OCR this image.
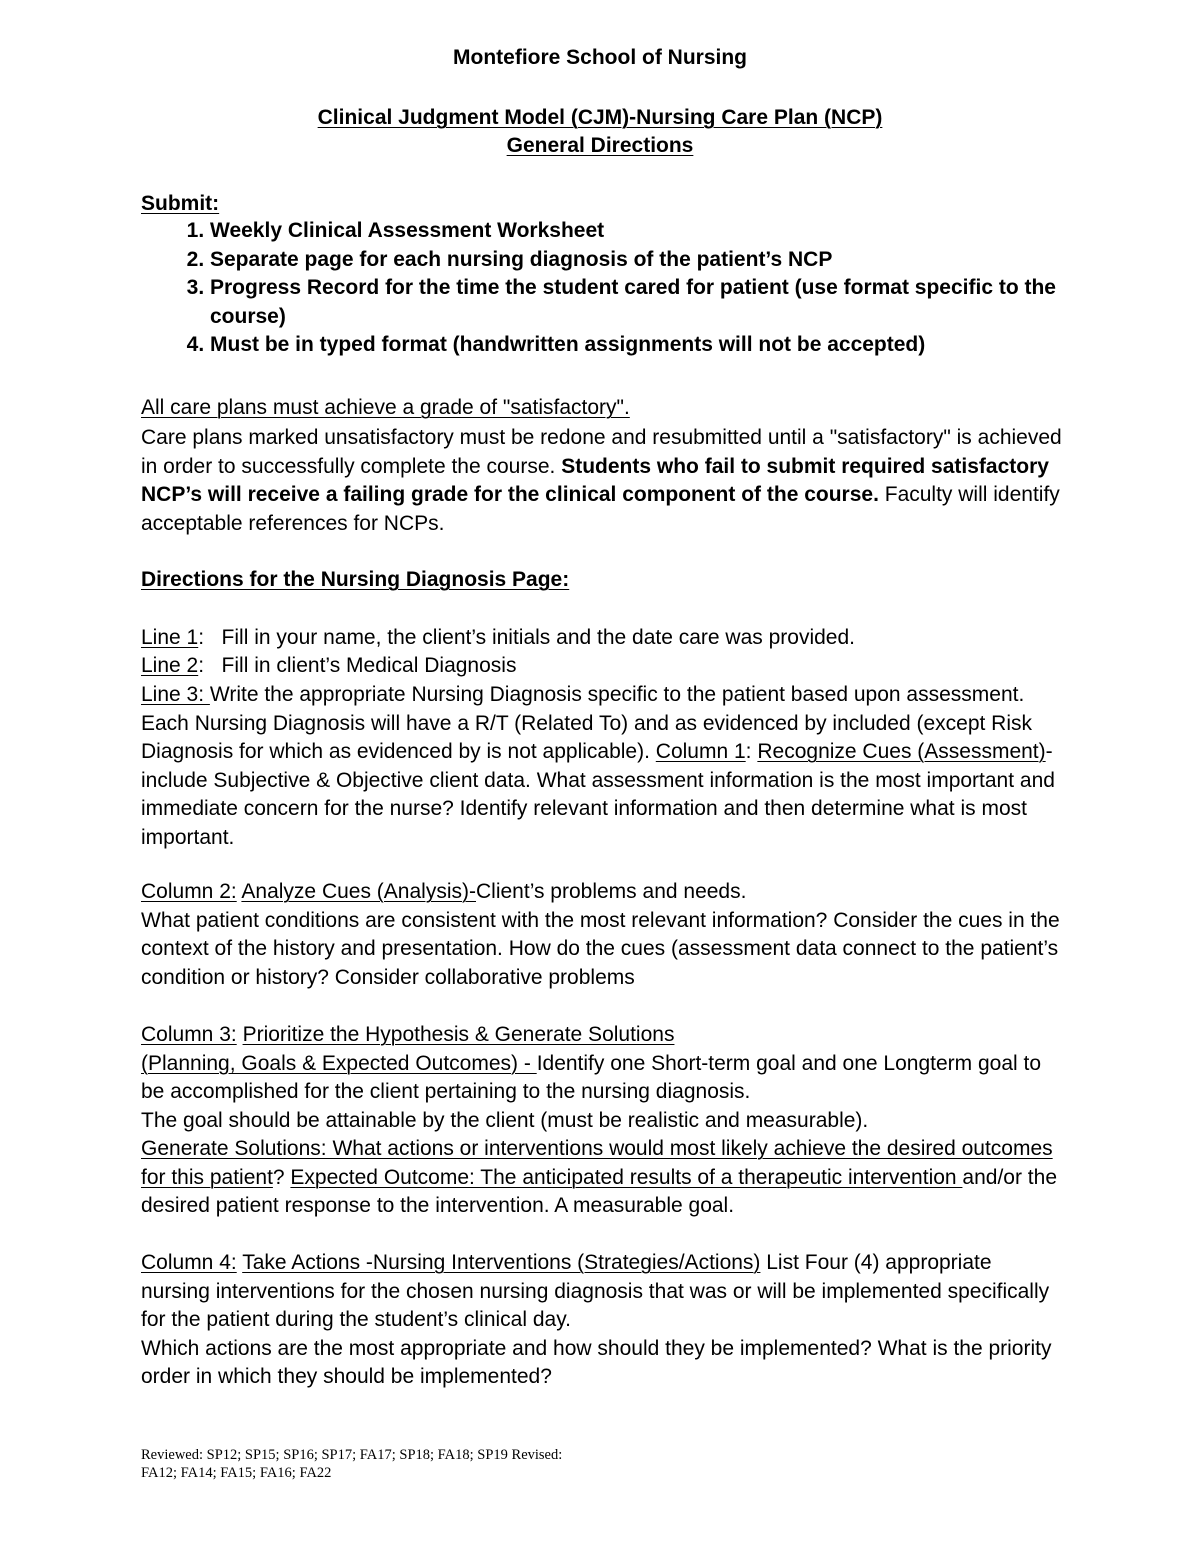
Montefiore School of Nursing
Clinical Judgment Model (CJM)-Nursing Care Plan (NCP)
General Directions
Submit:
1. Weekly Clinical Assessment Worksheet
2. Separate page for each nursing diagnosis of the patient’s NCP
3. Progress Record for the time the student cared for patient (use format specific to the course)
4. Must be in typed format (handwritten assignments will not be accepted)
All care plans must achieve a grade of "satisfactory".
Care plans marked unsatisfactory must be redone and resubmitted until a "satisfactory" is achieved in order to successfully complete the course. Students who fail to submit required satisfactory NCP’s will receive a failing grade for the clinical component of the course. Faculty will identify acceptable references for NCPs.
Directions for the Nursing Diagnosis Page:
Line 1:   Fill in your name, the client’s initials and the date care was provided.
Line 2:   Fill in client’s Medical Diagnosis
Line 3: Write the appropriate Nursing Diagnosis specific to the patient based upon assessment. Each Nursing Diagnosis will have a R/T (Related To) and as evidenced by included (except Risk Diagnosis for which as evidenced by is not applicable). Column 1: Recognize Cues (Assessment)- include Subjective & Objective client data. What assessment information is the most important and immediate concern for the nurse? Identify relevant information and then determine what is most important.
Column 2: Analyze Cues (Analysis)-Client’s problems and needs.
What patient conditions are consistent with the most relevant information? Consider the cues in the context of the history and presentation. How do the cues (assessment data connect to the patient’s condition or history? Consider collaborative problems
Column 3: Prioritize the Hypothesis & Generate Solutions
(Planning, Goals & Expected Outcomes) - Identify one Short-term goal and one Longterm goal to be accomplished for the client pertaining to the nursing diagnosis.
The goal should be attainable by the client (must be realistic and measurable).
Generate Solutions: What actions or interventions would most likely achieve the desired outcomes for this patient? Expected Outcome: The anticipated results of a therapeutic intervention and/or the desired patient response to the intervention. A measurable goal.
Column 4: Take Actions -Nursing Interventions (Strategies/Actions) List Four (4) appropriate nursing interventions for the chosen nursing diagnosis that was or will be implemented specifically for the patient during the student’s clinical day.
Which actions are the most appropriate and how should they be implemented? What is the priority order in which they should be implemented?
Reviewed: SP12; SP15; SP16; SP17; FA17; SP18; FA18; SP19 Revised:
FA12; FA14; FA15; FA16; FA22
